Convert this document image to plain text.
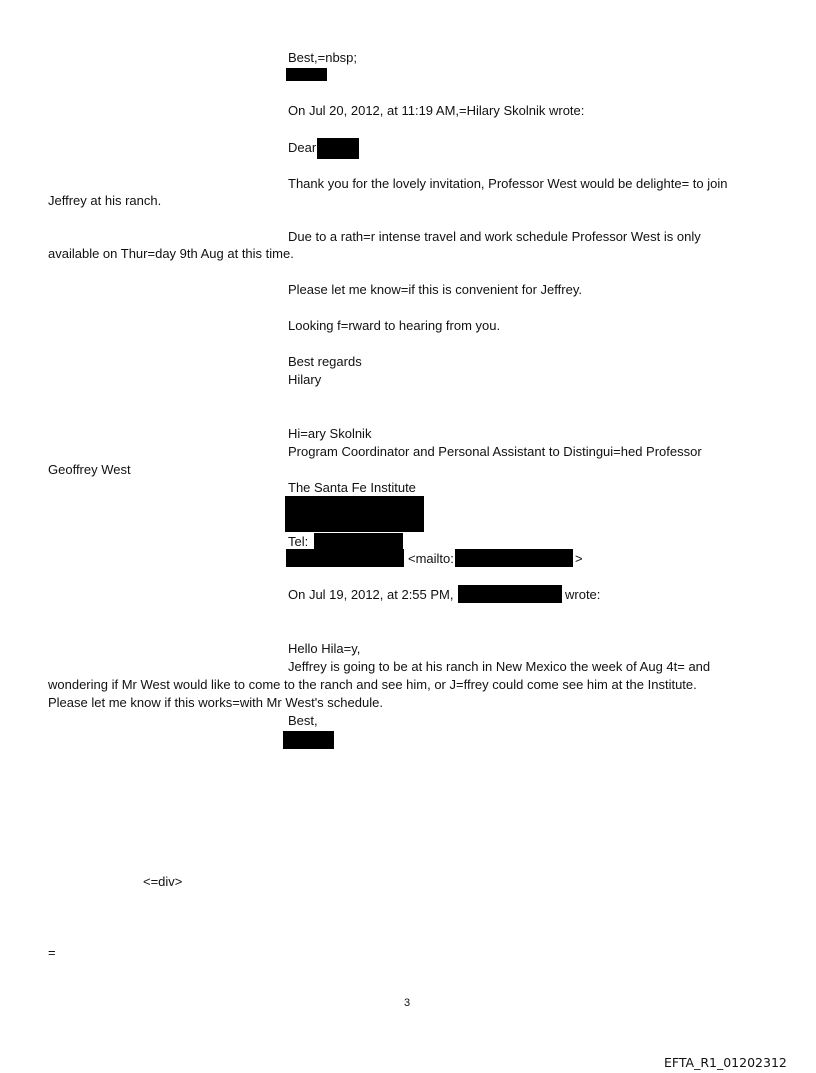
Best,=nbsp;
On Jul 20, 2012, at 11:19 AM,=Hilary Skolnik wrote:
Dear
Thank you for the lovely invitation, Professor West would be delighte= to join
Jeffrey at his ranch.
Due to a rath=r intense travel and work schedule Professor West is only
available on Thur=day 9th Aug at this time.
Please let me know=if this is convenient for Jeffrey.
Looking f=rward to hearing from you.
Best regards
Hilary
Hi=ary Skolnik
Program Coordinator and Personal Assistant to Distingui=hed Professor
Geoffrey West
The Santa Fe Institute
Tel:
<mailto:	>
On Jul 19, 2012, at 2:55 PM,	wrote:
Hello Hila=y,
Jeffrey is going to be at his ranch in New Mexico the week of Aug 4t= and
wondering if Mr West would like to come to the ranch and see him, or J=ffrey could come see him at the Institute.
Please let me know if this works=with Mr West's schedule.
Best,
<=div>
=
3
EFTA_R1_01202312
